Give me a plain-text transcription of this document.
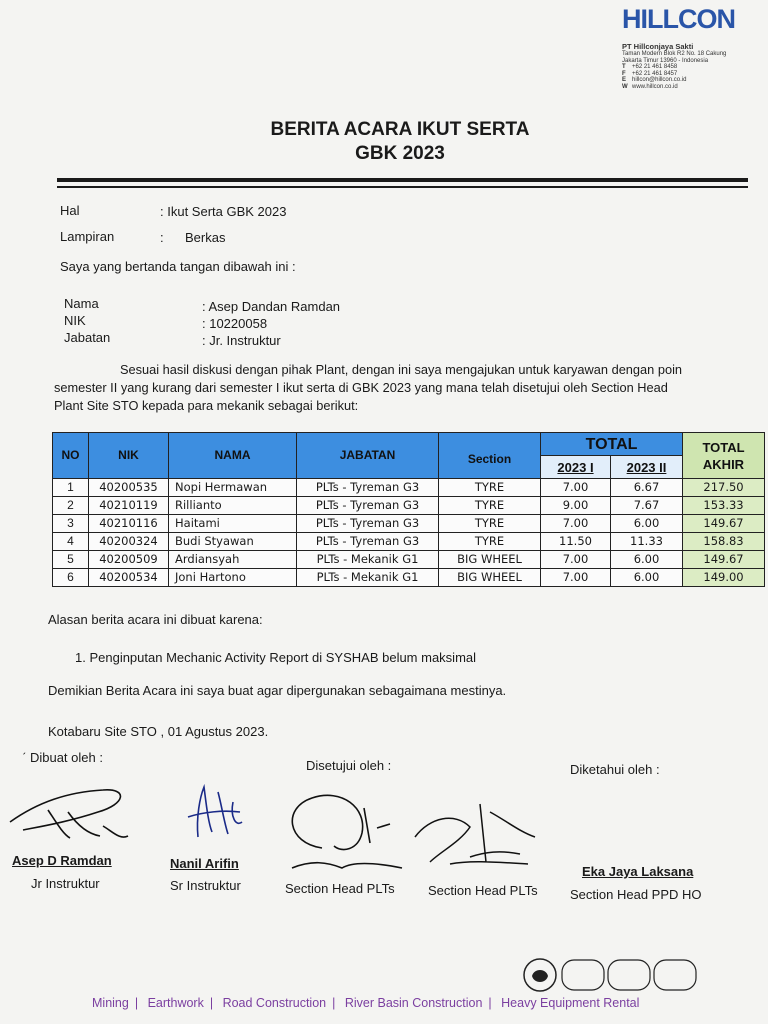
HILLCON
PT Hillconjaya Sakti
Taman Modern Blok R2 No. 18 Cakung
Jakarta Timur 13960 - Indonesia
T	+62 21 461 8458
F	+62 21 461 8457
E hillcon@hillcon.co.id
W www.hillcon.co.id
BERITA ACARA IKUT SERTA
GBK 2023
Hal	: Ikut Serta GBK 2023
Lampiran	: Berkas
Saya yang bertanda tangan dibawah ini :
Nama	: Asep Dandan Ramdan
NIK	: 10220058
Jabatan	: Jr. Instruktur
Sesuai hasil diskusi dengan pihak Plant, dengan ini saya mengajukan untuk karyawan dengan poin
semester II yang kurang dari semester I ikut serta di GBK 2023 yang mana telah disetujui oleh Section Head
Plant Site STO kepada para mekanik sebagai berikut:
NO	NIK	NAMA	JABATAN	Section	TOTAL		TOTAL
AKHIR

					2023 I	2023 II	
1	40200535	Nopi Hermawan	PLTs - Tyreman G3	TYRE	7.00	6.67	217.50
2	40210119	Rillianto	PLTs - Tyreman G3	TYRE	9.00	7.67	153.33
3	40210116	Haitami	PLTs - Tyreman G3	TYRE	7.00	6.00	149.67
4	40200324	Budi Styawan	PLTs - Tyreman G3	TYRE	11.50	11.33	158.83
5	40200509	Ardiansyah	PLTs - Mekanik G1	BIG WHEEL	7.00	6.00	149.67
6	40200534	Joni Hartono	PLTs - Mekanik G1	BIG WHEEL	7.00	6.00	149.00
Alasan berita acara ini dibuat karena:
1. Penginputan Mechanic Activity Report di SYSHAB belum maksimal
Demikian Berita Acara ini saya buat agar dipergunakan sebagaimana mestinya.
Kotabaru Site STO , 01 Agustus 2023.
ˊ Dibuat oleh :
Disetujui oleh :	Diketahui oleh :
Asep D Ramdan
Jr Instruktur
Nanil Arifin
Sr Instruktur	Section Head PLTs	Section Head PLTs
Eka Jaya Laksana
Section Head PPD HO
Mining | Earthwork | Road Construction | River Basin Construction | Heavy Equipment Rental
